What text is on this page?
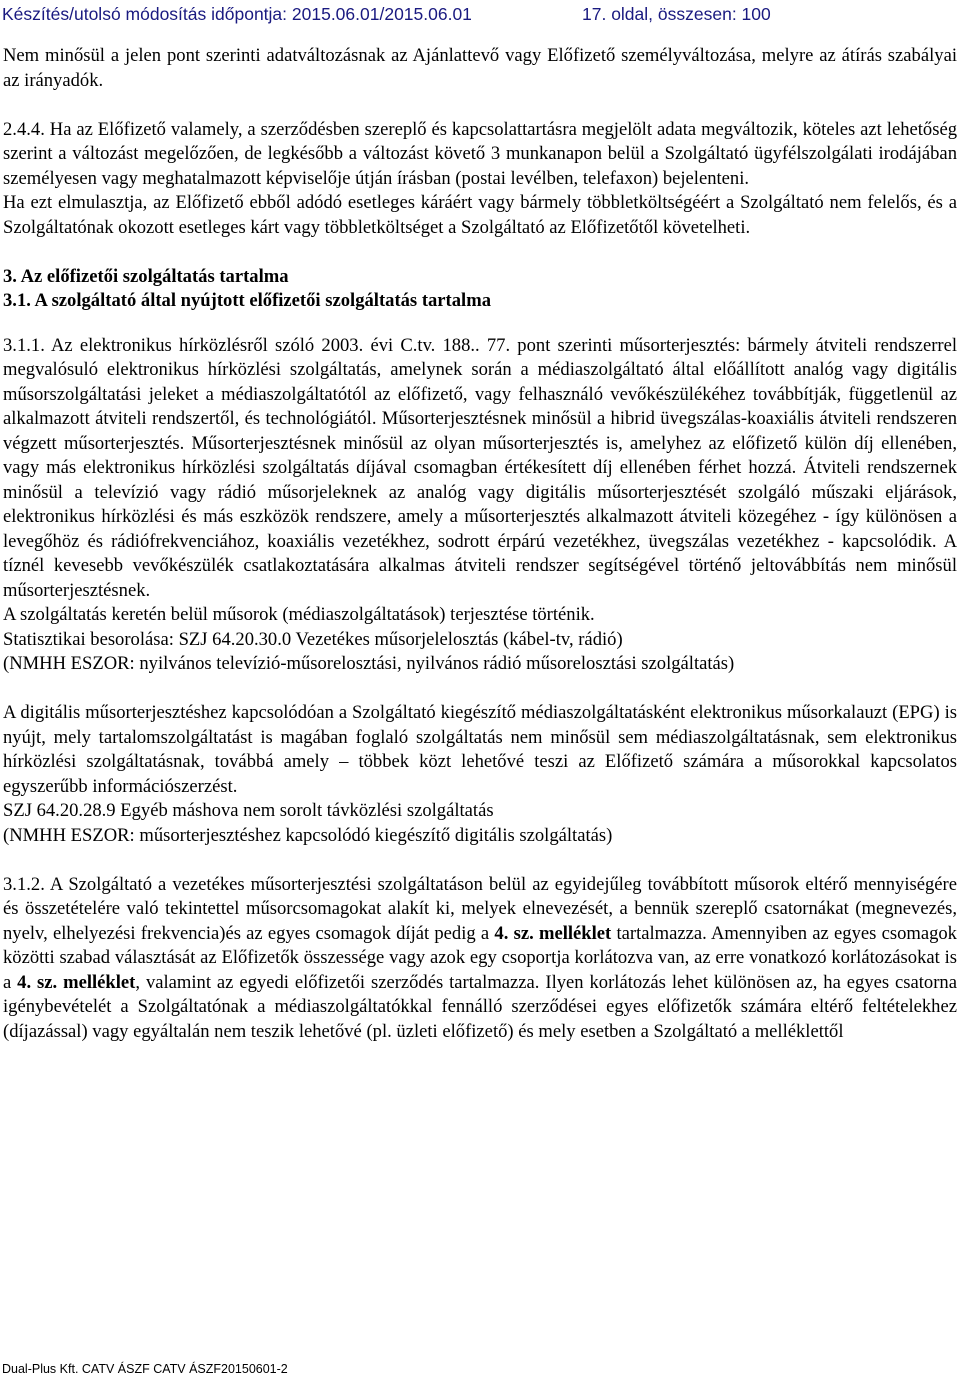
Készítés/utolsó módosítás időpontja: 2015.06.01/2015.06.01	17. oldal, összesen: 100

Nem minősül a jelen pont szerinti adatváltozásnak az Ajánlattevő vagy Előfizető személyváltozása, melyre az átírás szabályai az irányadók.

2.4.4. Ha az Előfizető valamely, a szerződésben szereplő és kapcsolattartásra megjelölt adata megváltozik, köteles azt lehetőség szerint a változást megelőzően, de legkésőbb a változást követő 3 munkanapon belül a Szolgáltató ügyfélszolgálati irodájában személyesen vagy meghatalmazott képviselője útján írásban (postai levélben, telefaxon) bejelenteni.

Ha ezt elmulasztja, az Előfizető ebből adódó esetleges káráért vagy bármely többletköltségéért a Szolgáltató nem felelős, és a Szolgáltatónak okozott esetleges kárt vagy többletköltséget a Szolgáltató az Előfizetőtől követelheti.

3. Az előfizetői szolgáltatás tartalma

3.1. A szolgáltató által nyújtott előfizetői szolgáltatás tartalma

3.1.1. Az elektronikus hírközlésről szóló 2003. évi C.tv. 188.. 77. pont szerinti műsorterjesztés: bármely átviteli rendszerrel megvalósuló elektronikus hírközlési szolgáltatás, amelynek során a médiaszolgáltató által előállított analóg vagy digitális műsorszolgáltatási jeleket a médiaszolgáltatótól az előfizető, vagy felhasználó vevőkészülékéhez továbbítják, függetlenül az alkalmazott átviteli rendszertől, és technológiától. Műsorterjesztésnek minősül a hibrid üvegszálas-koaxiális átviteli rendszeren végzett műsorterjesztés. Műsorterjesztésnek minősül az olyan műsorterjesztés is, amelyhez az előfizető külön díj ellenében, vagy más elektronikus hírközlési szolgáltatás díjával csomagban értékesített díj ellenében férhet hozzá. Átviteli rendszernek minősül a televízió vagy rádió műsorjeleknek az analóg vagy digitális műsorterjesztését szolgáló műszaki eljárások, elektronikus hírközlési és más eszközök rendszere, amely a műsorterjesztés alkalmazott átviteli közegéhez - így különösen a levegőhöz és rádiófrekvenciához, koaxiális vezetékhez, sodrott érpárú vezetékhez, üvegszálas vezetékhez - kapcsolódik. A tíznél kevesebb vevőkészülék csatlakoztatására alkalmas átviteli rendszer segítségével történő jeltovábbítás nem minősül műsorterjesztésnek.

A szolgáltatás keretén belül műsorok (médiaszolgáltatások) terjesztése történik.

Statisztikai besorolása: SZJ 64.20.30.0 Vezetékes műsorjelelosztás (kábel-tv, rádió)

(NMHH ESZOR: nyilvános televízió-műsorelosztási, nyilvános rádió műsorelosztási szolgáltatás)

A digitális műsorterjesztéshez kapcsolódóan a Szolgáltató kiegészítő médiaszolgáltatásként elektronikus műsorkalauzt (EPG) is nyújt, mely tartalomszolgáltatást is magában foglaló szolgáltatás nem minősül sem médiaszolgáltatásnak, sem elektronikus hírközlési szolgáltatásnak, továbbá amely – többek közt lehetővé teszi az Előfizető számára a műsorokkal kapcsolatos egyszerűbb információszerzést.

SZJ 64.20.28.9 Egyéb máshova nem sorolt távközlési szolgáltatás

(NMHH ESZOR: műsorterjesztéshez kapcsolódó kiegészítő digitális szolgáltatás)

3.1.2. A Szolgáltató a vezetékes műsorterjesztési szolgáltatáson belül az egyidejűleg továbbított műsorok eltérő mennyiségére és összetételére való tekintettel műsorcsomagokat alakít ki, melyek elnevezését, a bennük szereplő csatornákat (megnevezés, nyelv, elhelyezési frekvencia)és az egyes csomagok díját pedig a 4. sz. melléklet tartalmazza. Amennyiben az egyes csomagok közötti szabad választását az Előfizetők összessége vagy azok egy csoportja korlátozva van, az erre vonatkozó korlátozásokat is a 4. sz. melléklet, valamint az egyedi előfizetői szerződés tartalmazza. Ilyen korlátozás lehet különösen az, ha egyes csatorna igénybevételét a Szolgáltatónak a médiaszolgáltatókkal fennálló szerződései egyes előfizetők számára eltérő feltételekhez (díjazással) vagy egyáltalán nem teszik lehetővé (pl. üzleti előfizető) és mely esetben a Szolgáltató a melléklettől

Dual-Plus Kft. CATV ÁSZF CATV ÁSZF20150601-2
